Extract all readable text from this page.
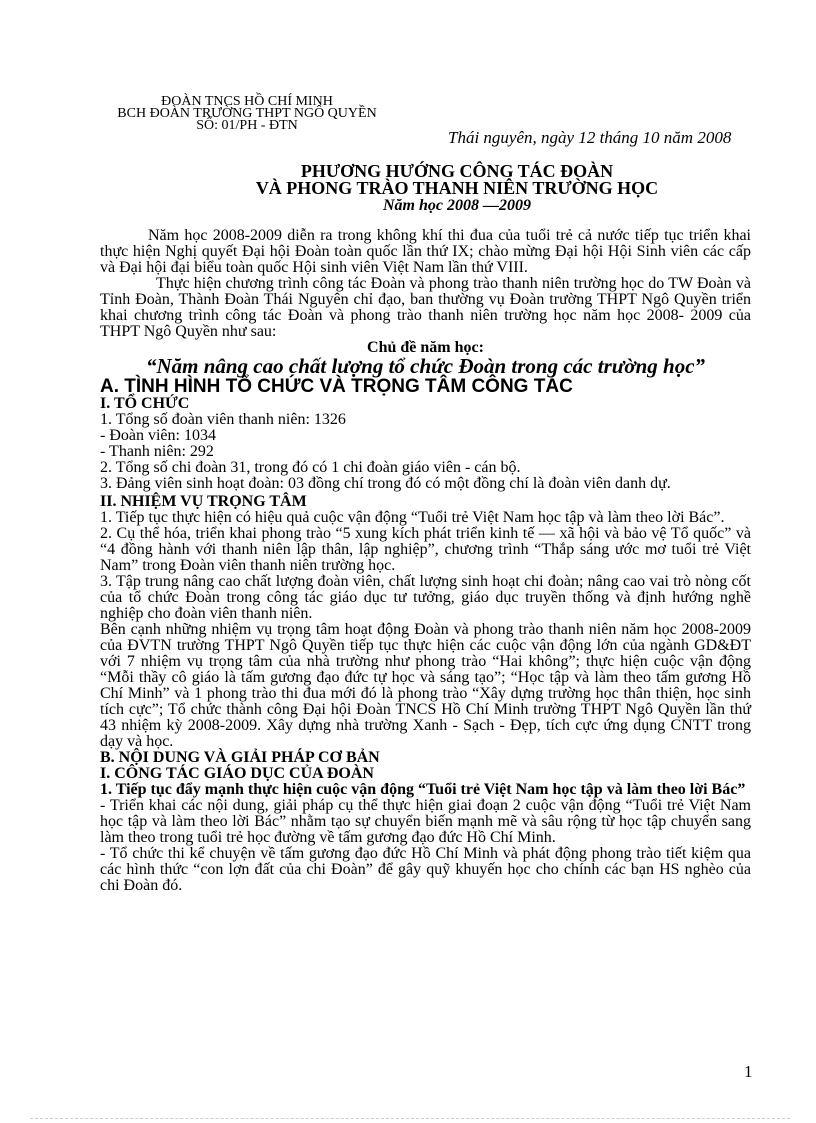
ĐOÀN TNCS HỒ CHÍ MINH
BCH ĐOÀN TRƯỜNG THPT NGÔ QUYỀN
SỐ: 01/PH - ĐTN
Thái nguyên, ngày 12 tháng 10 năm 2008
PHƯƠNG HƯỚNG CÔNG TÁC ĐOÀN
VÀ PHONG TRÀO THANH NIÊN TRƯỜNG HỌC
Năm học 2008 —2009

Năm học 2008-2009 diễn ra trong không khí thi đua của tuổi trẻ cả nước tiếp tục triển khai thực hiện Nghị quyết Đại hội Đoàn toàn quốc lần thứ IX; chào mừng Đại hội Hội Sinh viên các cấp và Đại hội đại biểu toàn quốc Hội sinh viên Việt Nam lần thứ VIII.

Thực hiện chương trình công tác Đoàn và phong trào thanh niên trường học do TW Đoàn và Tỉnh Đoàn, Thành Đoàn Thái Nguyên chỉ đạo, ban thường vụ Đoàn trường THPT Ngô Quyền triển khai chương trình công tác Đoàn và phong trào thanh niên trường học năm học 2008- 2009 của THPT Ngô Quyền như sau:

Chủ đề năm học:

“Năm nâng cao chất lượng tổ chức Đoàn trong các trường học”

A. TÌNH HÌNH TỔ CHỨC VÀ TRỌNG TÂM CÔNG TÁC

I. TỔ CHỨC

1. Tổng số đoàn viên thanh niên: 1326

- Đoàn viên: 1034

- Thanh niên: 292

2. Tổng số chi đoàn 31, trong đó có 1 chi đoàn giáo viên - cán bộ.

3. Đảng viên sinh hoạt đoàn: 03 đồng chí trong đó có một đồng chí là đoàn viên danh dự.

II. NHIỆM VỤ TRỌNG TÂM

1. Tiếp tục thực hiện có hiệu quả cuộc vận động “Tuổi trẻ Việt Nam học tập và làm theo lời Bác”.

2. Cụ thể hóa, triển khai phong trào “5 xung kích phát triển kinh tế — xã hội và bảo vệ Tổ quốc” và “4 đồng hành với thanh niên lập thân, lập nghiệp”, chương trình “Thắp sáng ước mơ tuổi trẻ Việt Nam” trong Đoàn viên thanh niên trường học.

3. Tập trung nâng cao chất lượng đoàn viên, chất lượng sinh hoạt chi đoàn; nâng cao vai trò nòng cốt của tổ chức Đoàn trong công tác giáo dục tư tưởng, giáo dục truyền thống và định hướng nghề nghiệp cho đoàn viên thanh niên.

Bên cạnh những nhiệm vụ trọng tâm hoạt động Đoàn và phong trào thanh niên năm học 2008-2009 của ĐVTN trường THPT Ngô Quyền tiếp tục thực hiện các cuộc vận động lớn của ngành GD&ĐT với 7 nhiệm vụ trọng tâm của nhà trường như phong trào “Hai không”; thực hiện cuộc vận động “Mỗi thầy cô giáo là tấm gương đạo đức tự học và sáng tạo”; “Học tập và làm theo tấm gương Hồ Chí Minh” và 1 phong trào thi đua mới đó là phong trào “Xây dựng trường học thân thiện, học sinh tích cực”; Tổ chức thành công Đại hội Đoàn TNCS Hồ Chí Minh trường THPT Ngô Quyền lần thứ 43 nhiệm kỳ 2008-2009. Xây dựng nhà trường Xanh - Sạch - Đẹp, tích cực ứng dụng CNTT trong dạy và học.

B. NỘI DUNG VÀ GIẢI PHÁP CƠ BẢN

I. CÔNG TÁC GIÁO DỤC CỦA ĐOÀN

1. Tiếp tục đẩy mạnh thực hiện cuộc vận động “Tuổi trẻ Việt Nam học tập và làm theo lời Bác”

- Triển khai các nội dung, giải pháp cụ thể thực hiện giai đoạn 2 cuộc vận động “Tuổi trẻ Việt Nam học tập và làm theo lời Bác” nhằm tạo sự chuyển biến mạnh mẽ và sâu rộng từ học tập chuyển sang làm theo trong tuổi trẻ học đường về tấm gương đạo đức Hồ Chí Minh.

- Tổ chức thi kể chuyện về tấm gương đạo đức Hồ Chí Minh và phát động phong trào tiết kiệm qua các hình thức “con lợn đất của chi Đoàn” để gây quỹ khuyến học cho chính các bạn HS nghèo của chi Đoàn đó.

1
